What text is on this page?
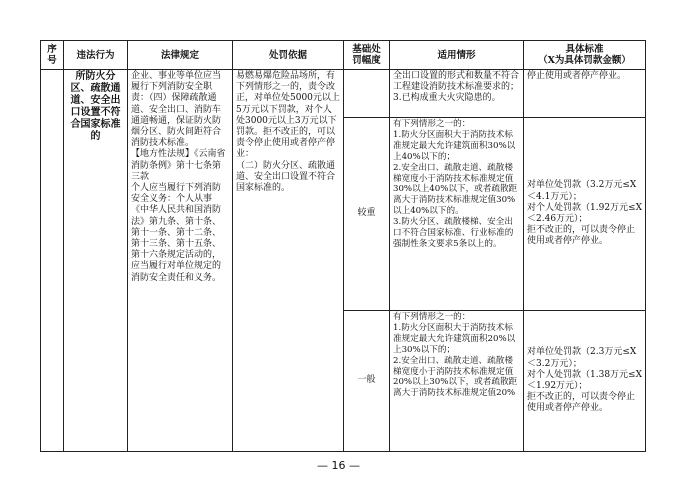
序
号	违法行为	法律规定	处罚依据	基础处
罚幅度	适用情形	具体标准
（X为具体罚款金额）
	所防火分区、疏散通道、安全出口设置不符合国家标准的	企业、事业等单位应当履行下列消防安全职责：（四）保障疏散通道、安全出口、消防车通道畅通，保证防火防烟分区、防火间距符合消防技术标准。
【地方性法规】《云南省消防条例》第十七条第三款
个人应当履行下列消防安全义务：个人从事《中华人民共和国消防法》第九条、第十条、第十一条、第十二条、第十三条、第十五条、第十六条规定活动的，应当履行对单位规定的消防安全责任和义务。	易燃易爆危险品场所，有下列情形之一的，责令改正，对单位处5000元以上5万元以下罚款，对个人处3000元以上3万元以下罚款。拒不改正的，可以责令停止使用或者停产停业：
（二）防火分区、疏散通道、安全出口设置不符合国家标准的。		全出口设置的形式和数量不符合工程建设消防技术标准要求的；
3.已构成重大火灾隐患的。	停止使用或者停产停业。
				较重	有下列情形之一的：
1.防火分区面积大于消防技术标准规定最大允许建筑面积30%以上40%以下的；
2.安全出口、疏散走道、疏散楼梯宽度小于消防技术标准规定值30%以上40%以下，或者疏散距离大于消防技术标准规定值30%以上40%以下的。
3.防火分区、疏散楼梯、安全出口不符合国家标准、行业标准的强制性条文要求5条以上的。	对单位处罚款（3.2万元≤X＜4.1万元）；
对个人处罚款（1.92万元≤X＜2.46万元）；
拒不改正的，可以责令停止使用或者停产停业。
				一般	有下列情形之一的：
1.防火分区面积大于消防技术标准规定最大允许建筑面积20%以上30%以下的；
2.安全出口、疏散走道、疏散楼梯宽度小于消防技术标准规定值20%以上30%以下，或者疏散距离大于消防技术标准规定值20%	对单位处罚款（2.3万元≤X＜3.2万元）；
对个人处罚款（1.38万元≤X＜1.92万元）；
拒不改正的，可以责令停止使用或者停产停业。
— 16 —
